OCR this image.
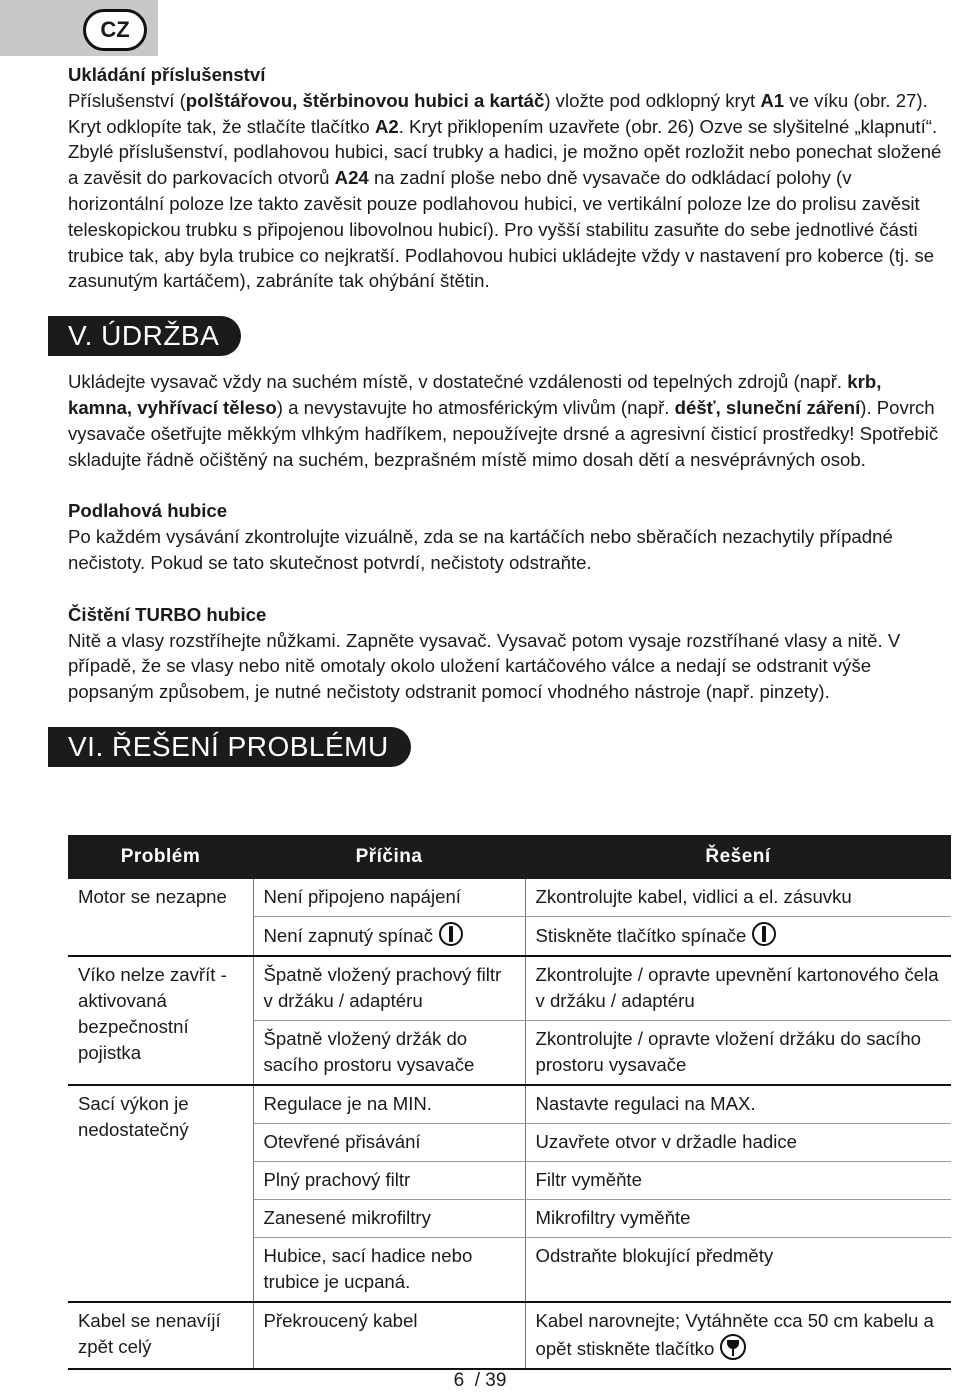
CZ

Ukládání příslušenství

Příslušenství (polštářovou, štěrbinovou hubici a kartáč) vložte pod odklopný kryt A1 ve víku (obr. 27). Kryt odklopíte tak, že stlačíte tlačítko A2. Kryt přiklopením uzavřete (obr. 26) Ozve se slyšitelné „klapnutí“. Zbylé příslušenství, podlahovou hubici, sací trubky a hadici, je možno opět rozložit nebo ponechat složené a zavěsit do parkovacích otvorů A24 na zadní ploše nebo dně vysavače do odkládací polohy (v horizontální poloze lze takto zavěsit pouze podlahovou hubici, ve vertikální poloze lze do prolisu zavěsit teleskopickou trubku s připojenou libovolnou hubicí). Pro vyšší stabilitu zasuňte do sebe jednotlivé části trubice tak, aby byla trubice co nejkratší. Podlahovou hubici ukládejte vždy v nastavení pro koberce (tj. se zasunutým kartáčem), zabráníte tak ohýbání štětin.

V. ÚDRŽBA

Ukládejte vysavač vždy na suchém místě, v dostatečné vzdálenosti od tepelných zdrojů (např. krb, kamna, vyhřívací těleso) a nevystavujte ho atmosférickým vlivům (např. déšť, sluneční záření). Povrch vysavače ošetřujte měkkým vlhkým hadříkem, nepoužívejte drsné a agresivní čisticí prostředky! Spotřebič skladujte řádně očištěný na suchém, bezprašném místě mimo dosah dětí a nesvéprávných osob.

Podlahová hubice

Po každém vysávání zkontrolujte vizuálně, zda se na kartáčích nebo sběračích nezachytily případné nečistoty. Pokud se tato skutečnost potvrdí, nečistoty odstraňte.

Čištění TURBO hubice

Nitě a vlasy rozstříhejte nůžkami. Zapněte vysavač. Vysavač potom vysaje rozstříhané vlasy a nitě. V případě, že se vlasy nebo nitě omotaly okolo uložení kartáčového válce a nedají se odstranit výše popsaným způsobem, je nutné nečistoty odstranit pomocí vhodného nástroje (např. pinzety).

VI. ŘEŠENÍ PROBLÉMU
Problém	Příčina	Řešení
Motor se nezapne	Není připojeno napájení	Zkontrolujte kabel, vidlici a el. zásuvku
	Není zapnutý spínač	Stiskněte tlačítko spínače
Víko nelze zavřít - aktivovaná bezpečnostní pojistka	Špatně vložený prachový filtr v držáku / adaptéru	Zkontrolujte / opravte upevnění kartonového čela v držáku / adaptéru
	Špatně vložený držák do sacího prostoru vysavače	Zkontrolujte / opravte vložení držáku do sacího prostoru vysavače
Sací výkon je nedostatečný	Regulace je na MIN.	Nastavte regulaci na MAX.
	Otevřené přisávání	Uzavřete otvor v držadle hadice
	Plný prachový filtr	Filtr vyměňte
	Zanesené mikrofiltry	Mikrofiltry vyměňte
	Hubice, sací hadice nebo trubice je ucpaná.	Odstraňte blokující předměty
Kabel se nenavíjí zpět celý	Překroucený kabel	Kabel narovnejte; Vytáhněte cca 50 cm kabelu a opět stiskněte tlačítko
6 / 39
